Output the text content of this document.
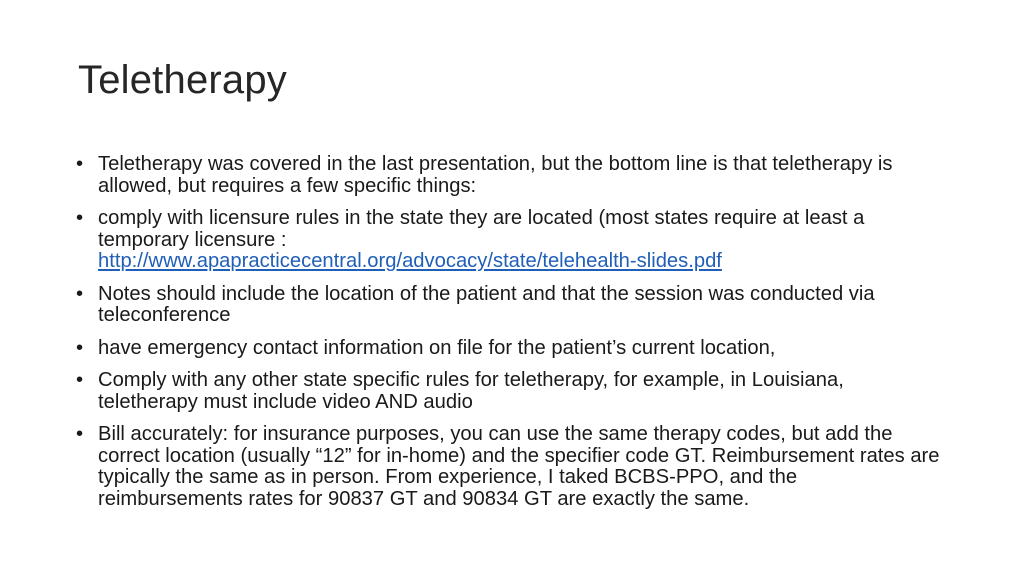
Teletherapy
• Teletherapy was covered in the last presentation, but the bottom line is that teletherapy is allowed, but requires a few specific things:
• comply with licensure rules in the state they are located (most states require at least a temporary licensure :
http://www.apapracticecentral.org/advocacy/state/telehealth-slides.pdf
• Notes should include the location of the patient and that the session was conducted via teleconference
• have emergency contact information on file for the patient’s current location,
• Comply with any other state specific rules for teletherapy, for example, in Louisiana, teletherapy must include video AND audio
• Bill accurately: for insurance purposes, you can use the same therapy codes, but add the correct location (usually “12” for in-home) and the specifier code GT. Reimbursement rates are typically the same as in person. From experience, I taked BCBS-PPO, and the reimbursements rates for 90837 GT and 90834 GT are exactly the same.
